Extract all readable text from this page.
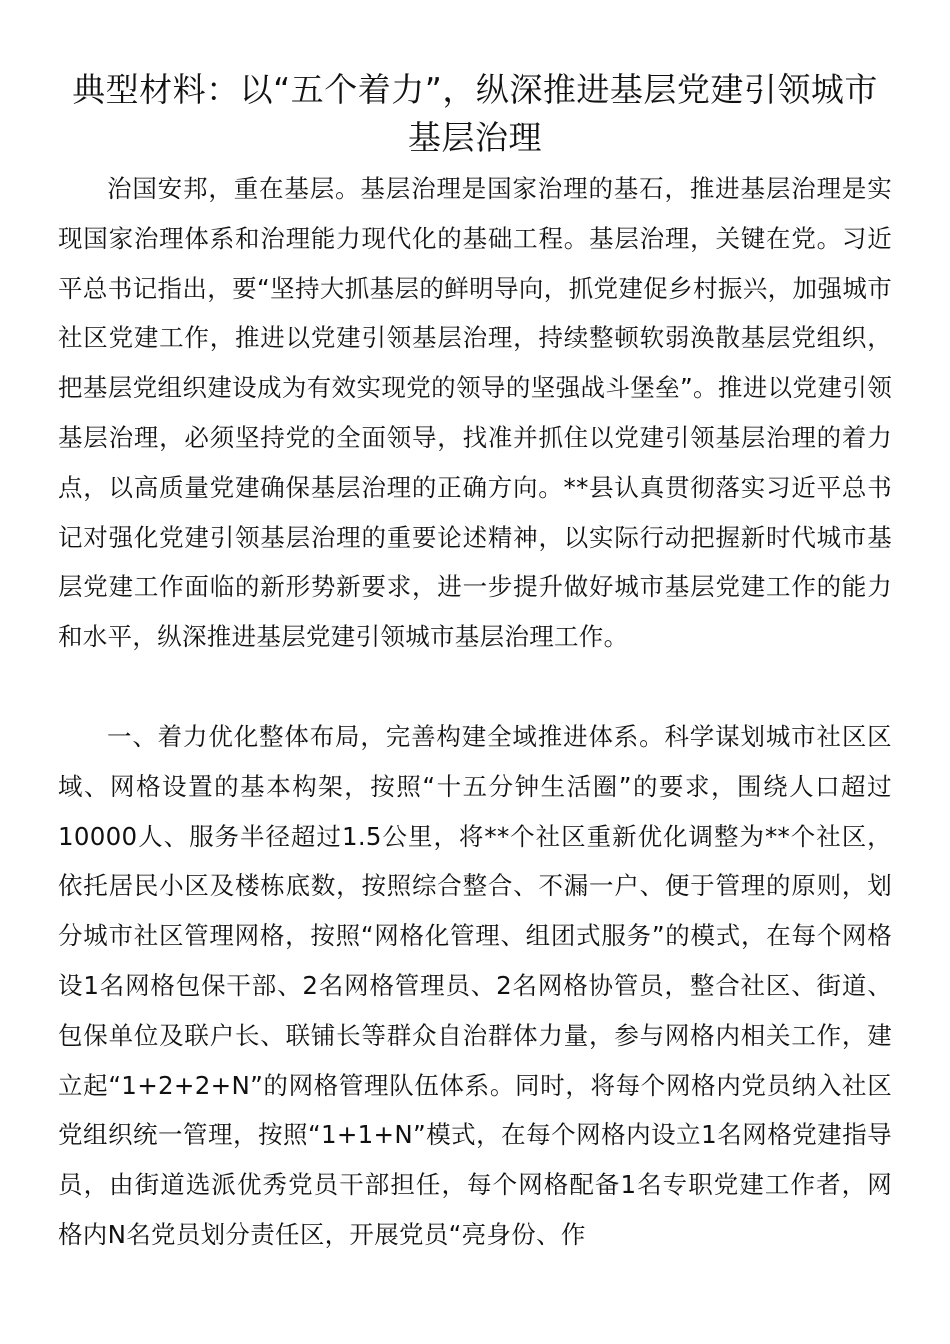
典型材料：以“五个着力”，纵深推进基层党建引领城市基层治理

治国安邦，重在基层。基层治理是国家治理的基石，推进基层治理是实现国家治理体系和治理能力现代化的基础工程。基层治理，关键在党。习近平总书记指出，要“坚持大抓基层的鲜明导向，抓党建促乡村振兴，加强城市社区党建工作，推进以党建引领基层治理，持续整顿软弱涣散基层党组织，把基层党组织建设成为有效实现党的领导的坚强战斗堡垒”。推进以党建引领基层治理，必须坚持党的全面领导，找准并抓住以党建引领基层治理的着力点，以高质量党建确保基层治理的正确方向。**县认真贯彻落实习近平总书记对强化党建引领基层治理的重要论述精神，以实际行动把握新时代城市基层党建工作面临的新形势新要求，进一步提升做好城市基层党建工作的能力和水平，纵深推进基层党建引领城市基层治理工作。

一、着力优化整体布局，完善构建全域推进体系。科学谋划城市社区区域、网格设置的基本构架，按照“十五分钟生活圈”的要求，围绕人口超过10000人、服务半径超过1.5公里，将**个社区重新优化调整为**个社区，依托居民小区及楼栋底数，按照综合整合、不漏一户、便于管理的原则，划分城市社区管理网格，按照“网格化管理、组团式服务”的模式，在每个网格设1名网格包保干部、2名网格管理员、2名网格协管员，整合社区、街道、包保单位及联户长、联铺长等群众自治群体力量，参与网格内相关工作，建立起“1+2+2+N”的网格管理队伍体系。同时，将每个网格内党员纳入社区党组织统一管理，按照“1+1+N”模式，在每个网格内设立1名网格党建指导员，由街道选派优秀党员干部担任，每个网格配备1名专职党建工作者，网格内N名党员划分责任区，开展党员“亮身份、作
